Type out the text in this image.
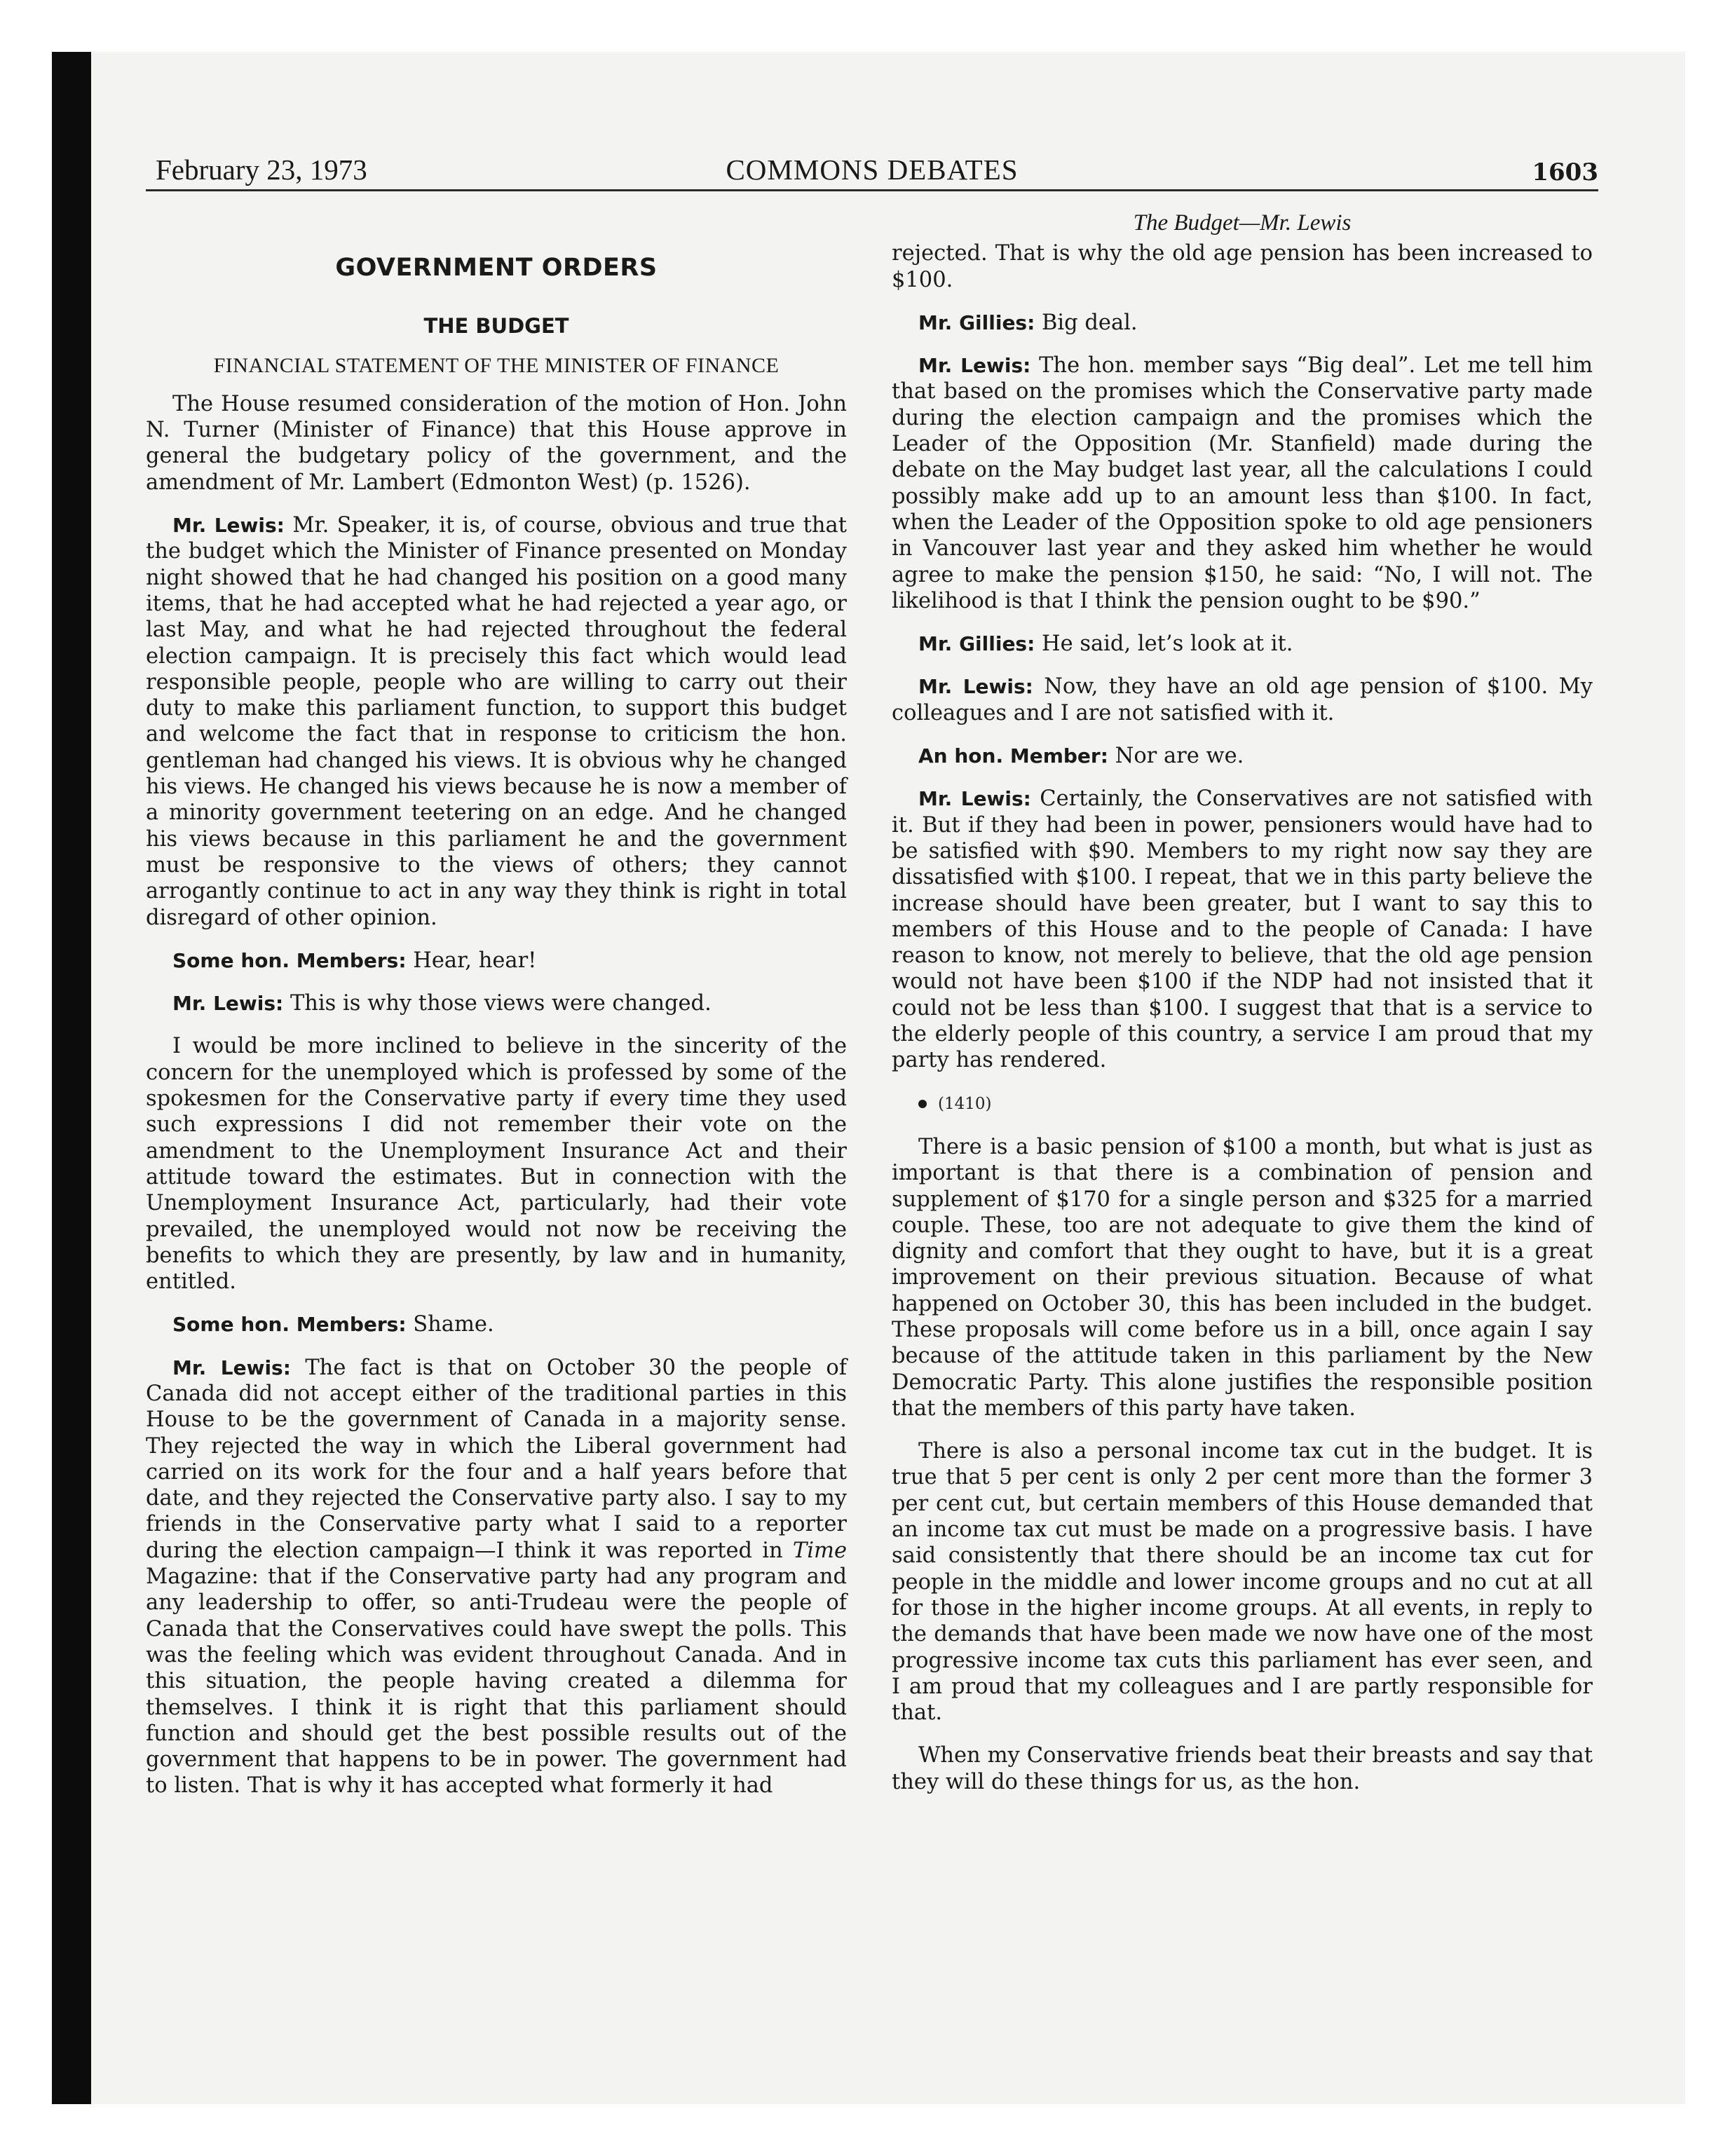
February 23, 1973	COMMONS DEBATES	1603
GOVERNMENT ORDERS
THE BUDGET
FINANCIAL STATEMENT OF THE MINISTER OF FINANCE

The House resumed consideration of the motion of Hon. John N. Turner (Minister of Finance) that this House approve in general the budgetary policy of the government, and the amendment of Mr. Lambert (Edmonton West) (p. 1526).

Mr. Lewis: Mr. Speaker, it is, of course, obvious and true that the budget which the Minister of Finance presented on Monday night showed that he had changed his position on a good many items, that he had accepted what he had rejected a year ago, or last May, and what he had rejected throughout the federal election campaign. It is precisely this fact which would lead responsible people, people who are willing to carry out their duty to make this parliament function, to support this budget and welcome the fact that in response to criticism the hon. gentleman had changed his views. It is obvious why he changed his views. He changed his views because he is now a member of a minority government teetering on an edge. And he changed his views because in this parliament he and the government must be responsive to the views of others; they cannot arrogantly continue to act in any way they think is right in total disregard of other opinion.

Some hon. Members: Hear, hear!

Mr. Lewis: This is why those views were changed.

I would be more inclined to believe in the sincerity of the concern for the unemployed which is professed by some of the spokesmen for the Conservative party if every time they used such expressions I did not remember their vote on the amendment to the Unemployment Insurance Act and their attitude toward the estimates. But in connection with the Unemployment Insurance Act, particularly, had their vote prevailed, the unemployed would not now be receiving the benefits to which they are presently, by law and in humanity, entitled.

Some hon. Members: Shame.

Mr. Lewis: The fact is that on October 30 the people of Canada did not accept either of the traditional parties in this House to be the government of Canada in a majority sense. They rejected the way in which the Liberal government had carried on its work for the four and a half years before that date, and they rejected the Conservative party also. I say to my friends in the Conservative party what I said to a reporter during the election campaign—I think it was reported in Time Magazine: that if the Conservative party had any program and any leadership to offer, so anti-Trudeau were the people of Canada that the Conservatives could have swept the polls. This was the feeling which was evident throughout Canada. And in this situation, the people having created a dilemma for themselves. I think it is right that this parliament should function and should get the best possible results out of the government that happens to be in power. The government had to listen. That is why it has accepted what formerly it had

The Budget—Mr. Lewis

rejected. That is why the old age pension has been increased to $100.

Mr. Gillies: Big deal.

Mr. Lewis: The hon. member says “Big deal”. Let me tell him that based on the promises which the Conservative party made during the election campaign and the promises which the Leader of the Opposition (Mr. Stanfield) made during the debate on the May budget last year, all the calculations I could possibly make add up to an amount less than $100. In fact, when the Leader of the Opposition spoke to old age pensioners in Vancouver last year and they asked him whether he would agree to make the pension $150, he said: “No, I will not. The likelihood is that I think the pension ought to be $90.”

Mr. Gillies: He said, let’s look at it.

Mr. Lewis: Now, they have an old age pension of $100. My colleagues and I are not satisfied with it.

An hon. Member: Nor are we.

Mr. Lewis: Certainly, the Conservatives are not satisfied with it. But if they had been in power, pensioners would have had to be satisfied with $90. Members to my right now say they are dissatisfied with $100. I repeat, that we in this party believe the increase should have been greater, but I want to say this to members of this House and to the people of Canada: I have reason to know, not merely to believe, that the old age pension would not have been $100 if the NDP had not insisted that it could not be less than $100. I suggest that that is a service to the elderly people of this country, a service I am proud that my party has rendered.

(1410)

There is a basic pension of $100 a month, but what is just as important is that there is a combination of pension and supplement of $170 for a single person and $325 for a married couple. These, too are not adequate to give them the kind of dignity and comfort that they ought to have, but it is a great improvement on their previous situation. Because of what happened on October 30, this has been included in the budget. These proposals will come before us in a bill, once again I say because of the attitude taken in this parliament by the New Democratic Party. This alone justifies the responsible position that the members of this party have taken.

There is also a personal income tax cut in the budget. It is true that 5 per cent is only 2 per cent more than the former 3 per cent cut, but certain members of this House demanded that an income tax cut must be made on a progressive basis. I have said consistently that there should be an income tax cut for people in the middle and lower income groups and no cut at all for those in the higher income groups. At all events, in reply to the demands that have been made we now have one of the most progressive income tax cuts this parliament has ever seen, and I am proud that my colleagues and I are partly responsible for that.

When my Conservative friends beat their breasts and say that they will do these things for us, as the hon.
